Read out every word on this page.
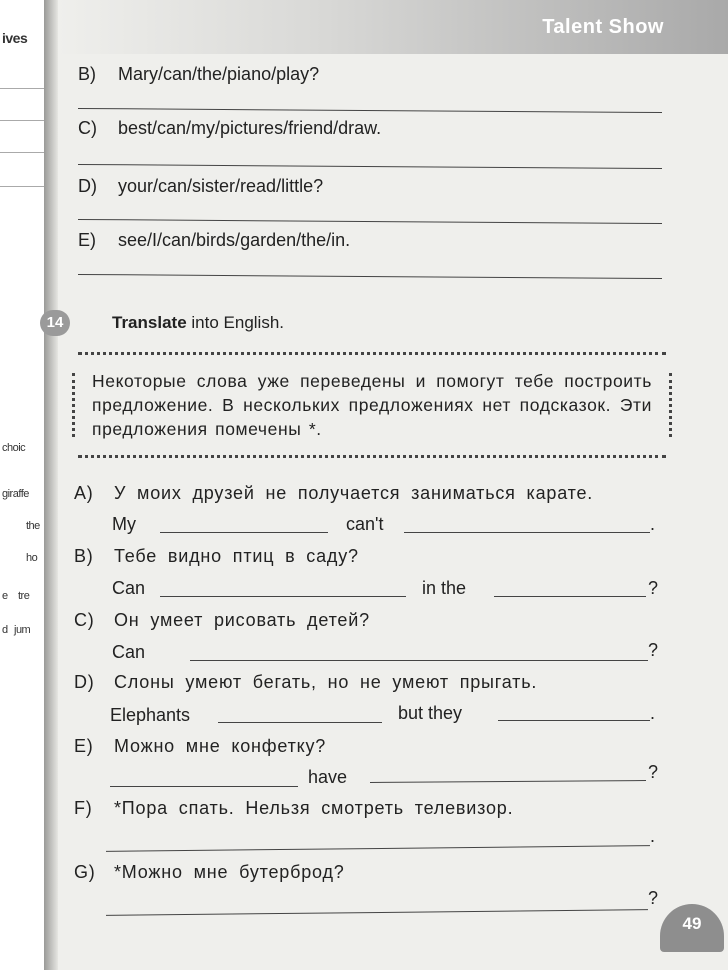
ives
choic
giraffe
the
ho
e tre
d jum
Talent Show
B) Mary/can/the/piano/play?
C) best/can/my/pictures/friend/draw.
D) your/can/sister/read/little?
E) see/I/can/birds/garden/the/in.
14	Translate into English.
Некоторые слова уже переведены и помогут тебе построить предложение. В нескольких предложениях нет подсказок. Эти предложения помечены *.
A) У моих друзей не получается заниматься карате.
My	can't	.
B) Тебе видно птиц в саду?
Can	in the	?
C) Он умеет рисовать детей?
Can	?
D) Слоны умеют бегать, но не умеют прыгать.
Elephants	but they	.
E) Можно мне конфетку?
have	?
F) *Пора спать. Нельзя смотреть телевизор.
.
G) *Можно мне бутерброд?
?
49
